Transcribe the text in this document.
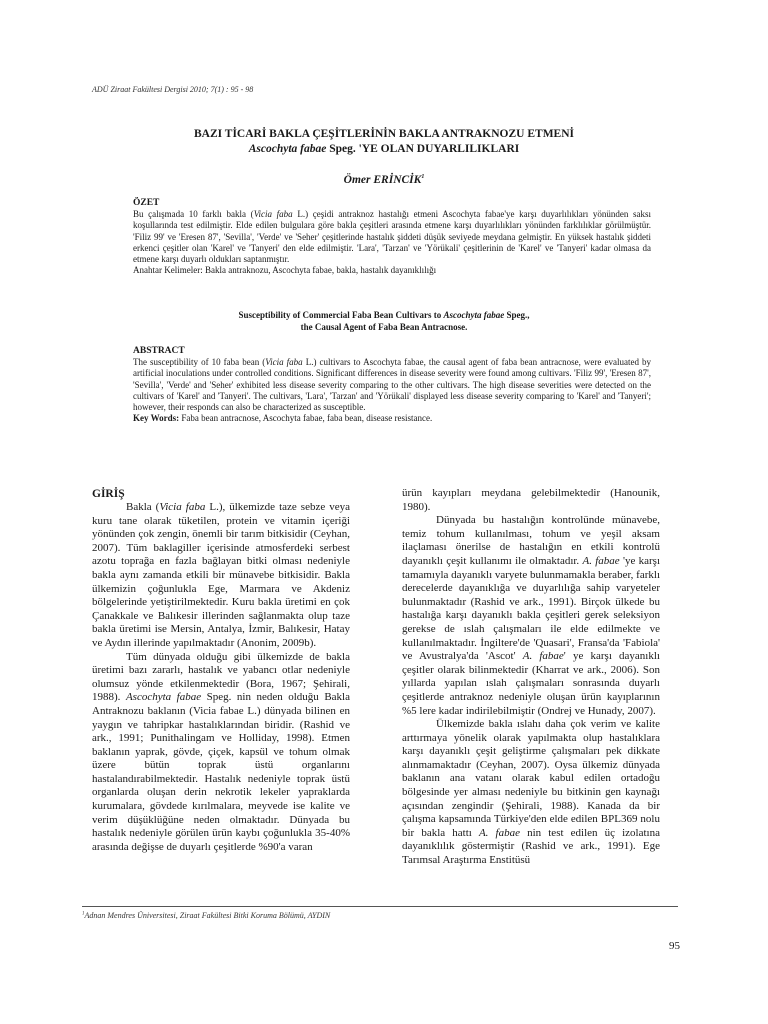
ADÜ Ziraat Fakültesi Dergisi 2010; 7(1) : 95 - 98
BAZI TİCARİ BAKLA ÇEŞİTLERİNİN BAKLA ANTRAKNOZU ETMENİ
Ascochyta fabae Speg. 'YE OLAN DUYARLILIKLARI
Ömer ERİNCİK$^1$
ÖZET
Bu çalışmada 10 farklı bakla (Vicia faba L.) çeşidi antraknoz hastalığı etmeni Ascochyta fabae'ye karşı duyarlılıkları yönünden saksı koşullarında test edilmiştir. Elde edilen bulgulara göre bakla çeşitleri arasında etmene karşı duyarlılıkları yönünden farklılıklar görülmüştür. 'Filiz 99' ve 'Eresen 87', 'Sevilla', 'Verde' ve 'Seher' çeşitlerinde hastalık şiddeti düşük seviyede meydana gelmiştir. En yüksek hastalık şiddeti erkenci çeşitler olan 'Karel' ve 'Tanyeri' den elde edilmiştir. 'Lara', 'Tarzan' ve 'Yörükali' çeşitlerinin de 'Karel' ve 'Tanyeri' kadar olmasa da etmene karşı duyarlı oldukları saptanmıştır.
Anahtar Kelimeler: Bakla antraknozu, Ascochyta fabae, bakla, hastalık dayanıklılığı
Susceptibility of Commercial Faba Bean Cultivars to Ascochyta fabae Speg.,
the Causal Agent of Faba Bean Antracnose.
ABSTRACT
The susceptibility of 10 faba bean (Vicia faba L.) cultivars to Ascochyta fabae, the causal agent of faba bean antracnose, were evaluated by artificial inoculations under controlled conditions. Significant differences in disease severity were found among cultivars. 'Filiz 99', 'Eresen 87', 'Sevilla', 'Verde' and 'Seher' exhibited less disease severity comparing to the other cultivars. The high disease severities were detected on the cultivars of 'Karel' and 'Tanyeri'. The cultivars, 'Lara', 'Tarzan' and 'Yörükali' displayed less disease severity comparing to 'Karel' and 'Tanyeri'; however, their responds can also be characterized as susceptible.
Key Words: Faba bean antracnose, Ascochyta fabae, faba bean, disease resistance.
GİRİŞ

Bakla (Vicia faba L.), ülkemizde taze sebze veya kuru tane olarak tüketilen, protein ve vitamin içeriği yönünden çok zengin, önemli bir tarım bitkisidir (Ceyhan, 2007). Tüm baklagiller içerisinde atmosferdeki serbest azotu toprağa en fazla bağlayan bitki olması nedeniyle bakla aynı zamanda etkili bir münavebe bitkisidir. Bakla ülkemizin çoğunlukla Ege, Marmara ve Akdeniz bölgelerinde yetiştirilmektedir. Kuru bakla üretimi en çok Çanakkale ve Balıkesir illerinden sağlanmakta olup taze bakla üretimi ise Mersin, Antalya, İzmir, Balıkesir, Hatay ve Aydın illerinde yapılmaktadır (Anonim, 2009b).

Tüm dünyada olduğu gibi ülkemizde de bakla üretimi bazı zararlı, hastalık ve yabancı otlar nedeniyle olumsuz yönde etkilenmektedir (Bora, 1967; Şehirali, 1988). Ascochyta fabae Speg. nin neden olduğu Bakla Antraknozu baklanın (Vicia fabae L.) dünyada bilinen en yaygın ve tahripkar hastalıklarından biridir. (Rashid ve ark., 1991; Punithalingam ve Holliday, 1998). Etmen baklanın yaprak, gövde, çiçek, kapsül ve tohum olmak üzere bütün toprak üstü organlarını hastalandırabilmektedir. Hastalık nedeniyle toprak üstü organlarda oluşan derin nekrotik lekeler yapraklarda kurumalara, gövdede kırılmalara, meyvede ise kalite ve verim düşüklüğüne neden olmaktadır. Dünyada bu hastalık nedeniyle görülen ürün kaybı çoğunlukla 35-40% arasında değişse de duyarlı çeşitlerde %90'a varan

ürün kayıpları meydana gelebilmektedir (Hanounik, 1980).

Dünyada bu hastalığın kontrolünde münavebe, temiz tohum kullanılması, tohum ve yeşil aksam ilaçlaması önerilse de hastalığın en etkili kontrolü dayanıklı çeşit kullanımı ile olmaktadır. A. fabae 'ye karşı tamamıyla dayanıklı varyete bulunmamakla beraber, farklı derecelerde dayanıklığa ve duyarlılığa sahip varyeteler bulunmaktadır (Rashid ve ark., 1991). Birçok ülkede bu hastalığa karşı dayanıklı bakla çeşitleri gerek seleksiyon gerekse de ıslah çalışmaları ile elde edilmekte ve kullanılmaktadır. İngiltere'de 'Quasari', Fransa'da 'Fabiola' ve Avustralya'da 'Ascot' A. fabae' ye karşı dayanıklı çeşitler olarak bilinmektedir (Kharrat ve ark., 2006). Son yıllarda yapılan ıslah çalışmaları sonrasında duyarlı çeşitlerde antraknoz nedeniyle oluşan ürün kayıplarının %5 lere kadar indirilebilmiştir (Ondrej ve Hunady, 2007).

Ülkemizde bakla ıslahı daha çok verim ve kalite arttırmaya yönelik olarak yapılmakta olup hastalıklara karşı dayanıklı çeşit geliştirme çalışmaları pek dikkate alınmamaktadır (Ceyhan, 2007). Oysa ülkemiz dünyada baklanın ana vatanı olarak kabul edilen ortadoğu bölgesinde yer alması nedeniyle bu bitkinin gen kaynağı açısından zengindir (Şehirali, 1988). Kanada da bir çalışma kapsamında Türkiye'den elde edilen BPL369 nolu bir bakla hattı A. fabae nin test edilen üç izolatına dayanıklılık göstermiştir (Rashid ve ark., 1991). Ege Tarımsal Araştırma Enstitüsü

$^1$Adnan Mendres Üniversitesi, Ziraat Fakültesi Bitki Koruma Bölümü, AYDIN
95
